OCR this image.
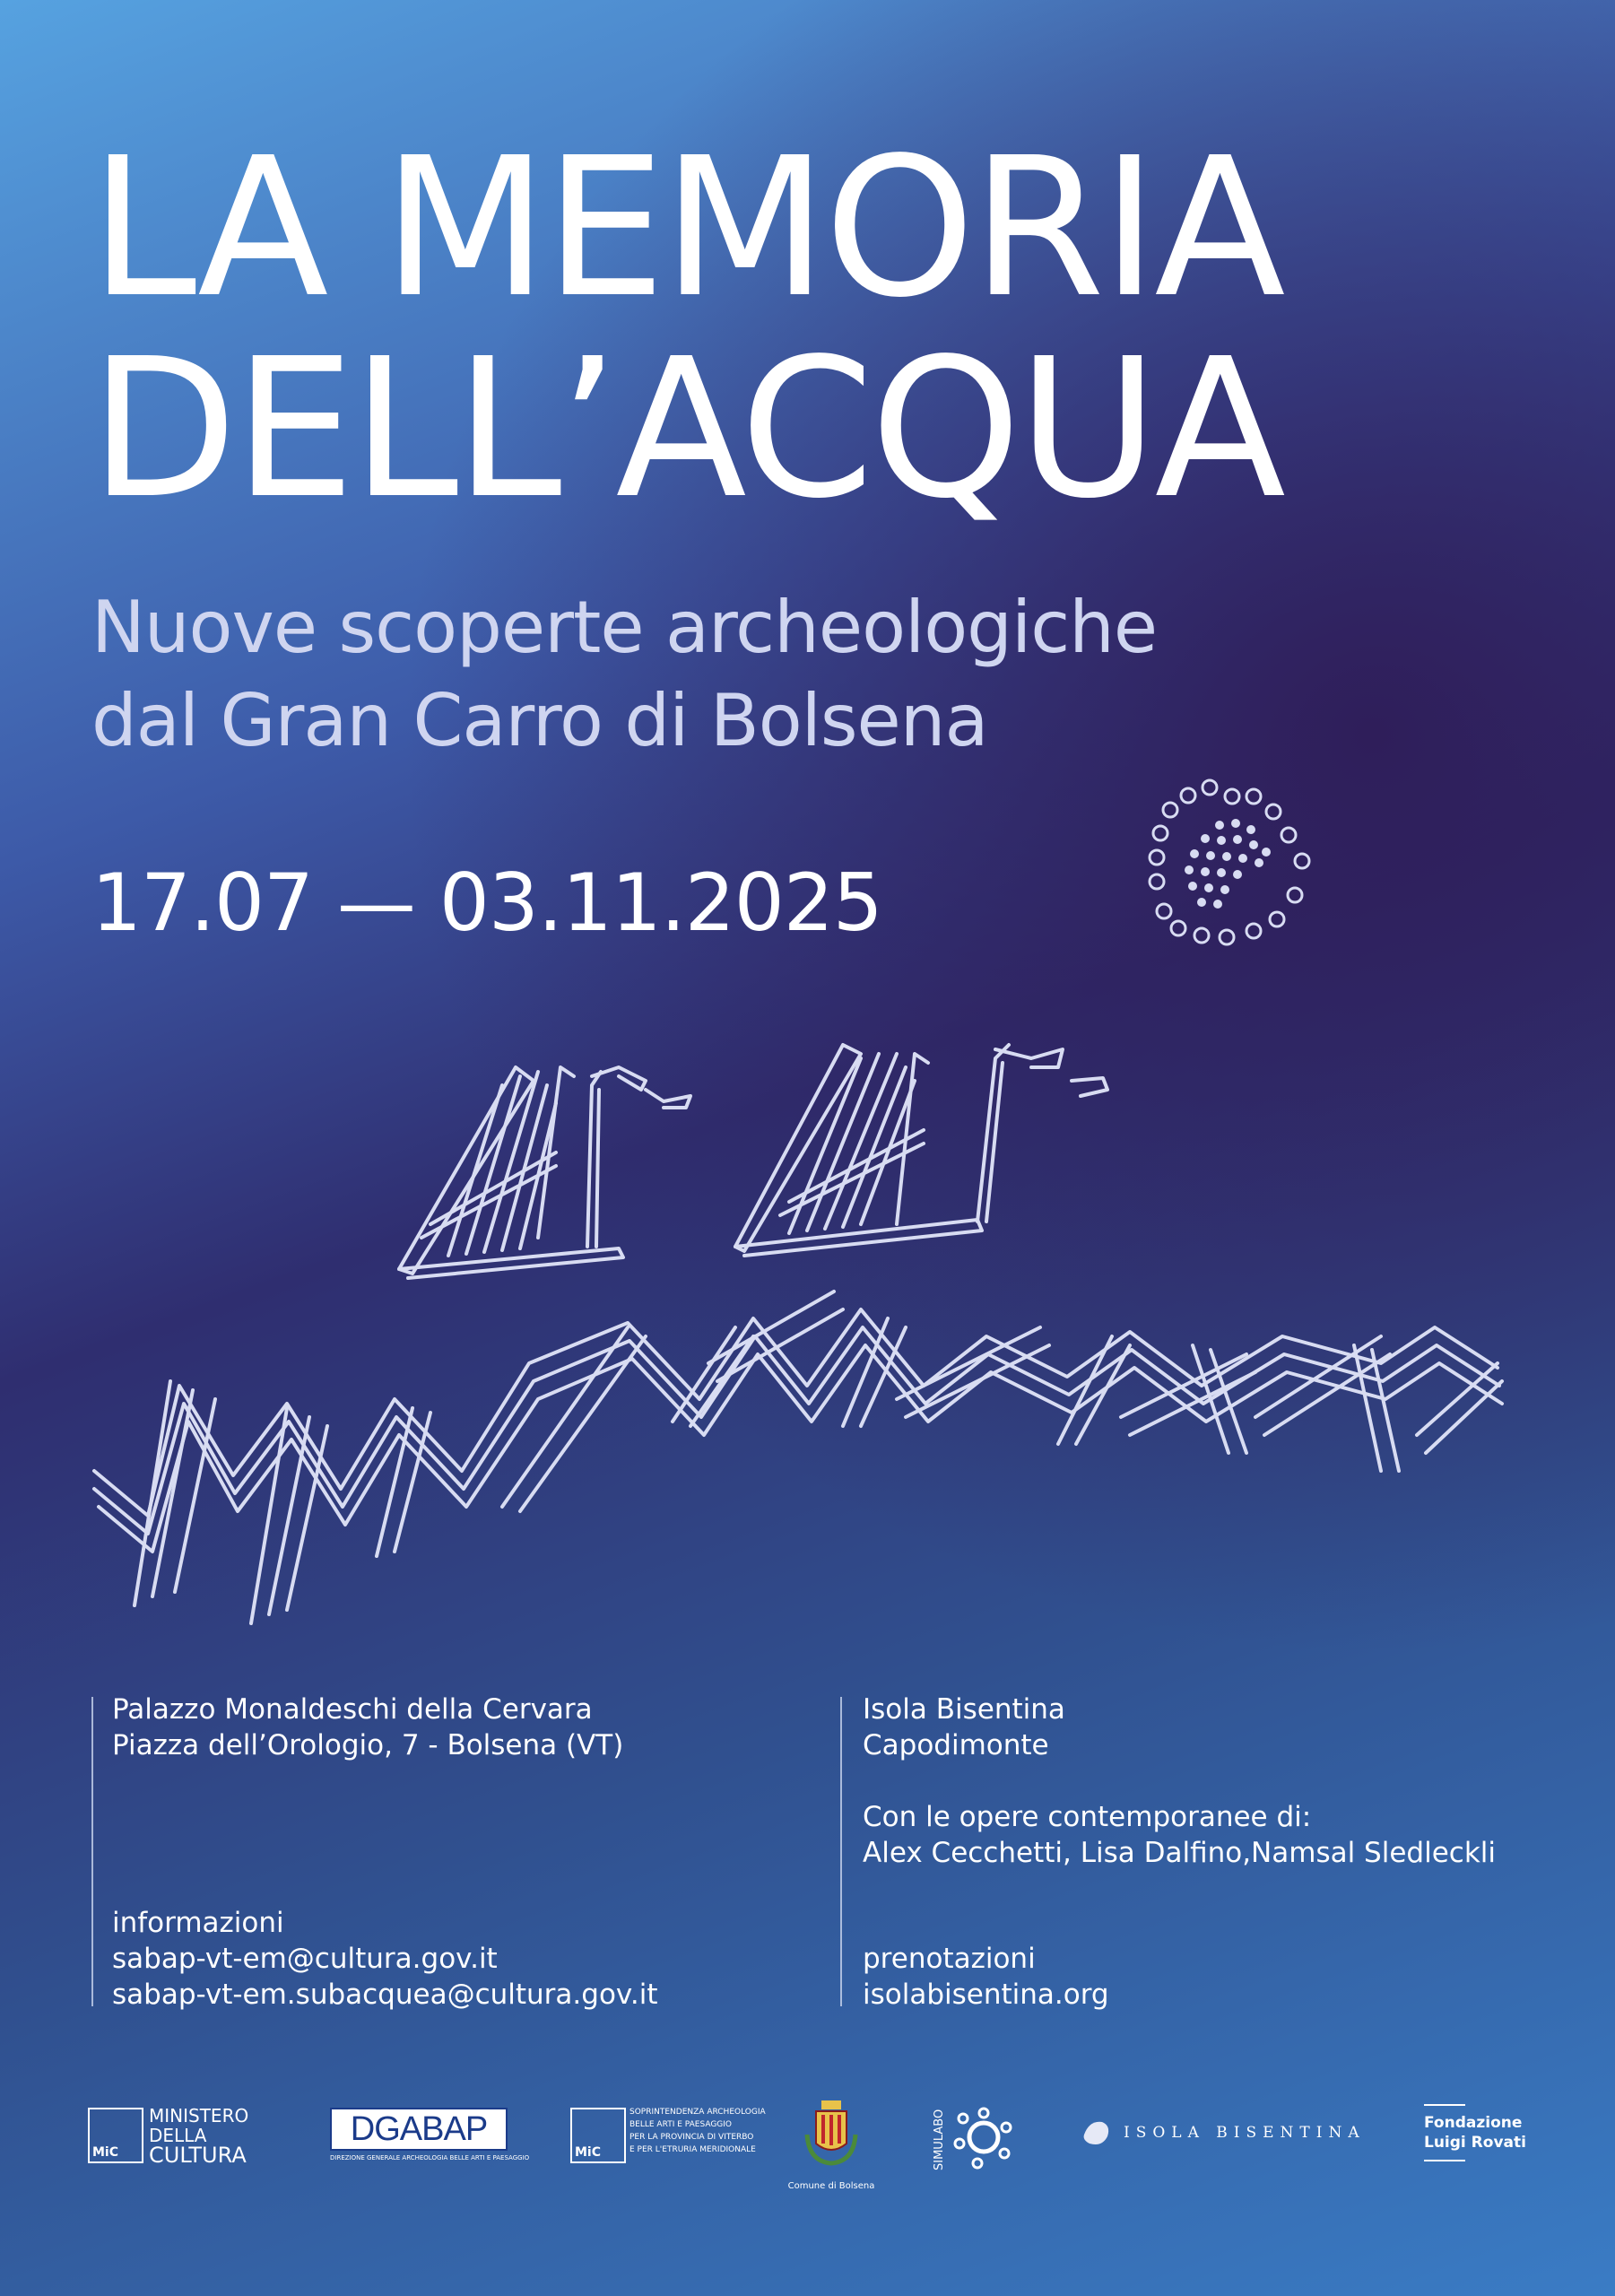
LA MEMORIA
DELL’ACQUA
Nuove scoperte archeologiche
dal Gran Carro di Bolsena
17.07 — 03.11.2025
Palazzo Monaldeschi della Cervara
Piazza dell’Orologio, 7 - Bolsena (VT)
informazioni
sabap-vt-em@cultura.gov.it
sabap-vt-em.subacquea@cultura.gov.it
Isola Bisentina
Capodimonte
Con le opere contemporanee di:
Alex Cecchetti, Lisa Dalfino,Namsal Sledleckli
prenotazioni
isolabisentina.org
MiC
MINISTERO
DELLA
CULTURA
DGABAP
DIREZIONE GENERALE ARCHEOLOGIA BELLE ARTI E PAESAGGIO	MiC
SOPRINTENDENZA ARCHEOLOGIA
BELLE ARTI E PAESAGGIO
PER LA PROVINCIA DI VITERBO
E PER L'ETRURIA MERIDIONALE
Comune di Bolsena
SIMULABO	ISOLA BISENTINA
Fondazione
Luigi Rovati
